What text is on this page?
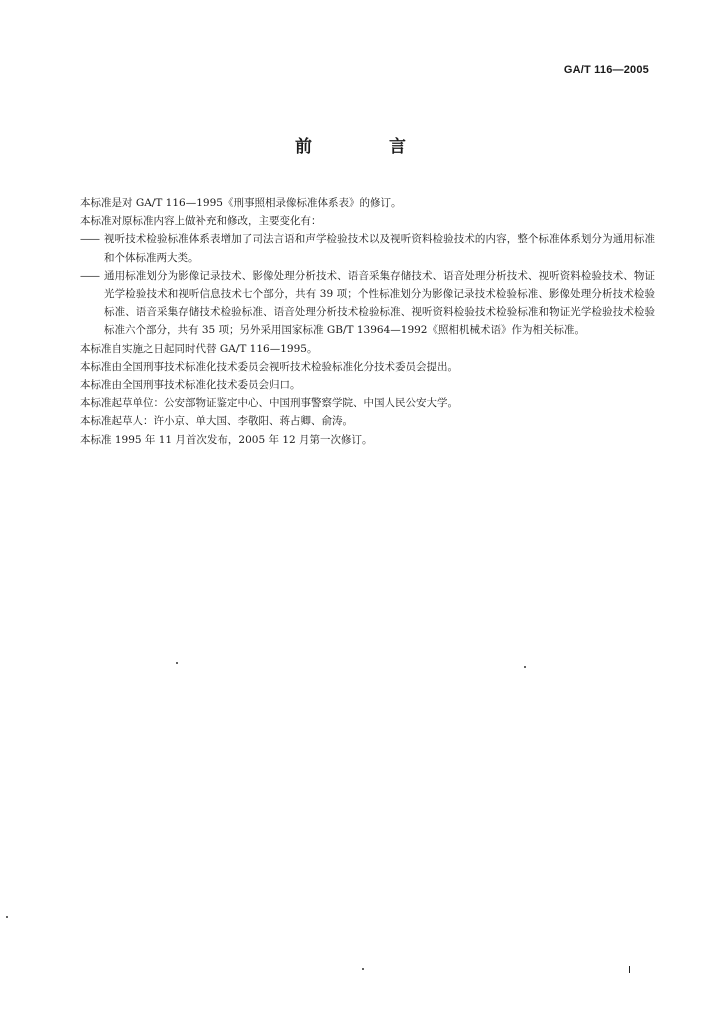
GA/T 116—2005
前　言

本标准是对 GA/T 116—1995《刑事照相录像标准体系表》的修订。

本标准对原标准内容上做补充和修改，主要变化有：

—— 视听技术检验标准体系表增加了司法言语和声学检验技术以及视听资料检验技术的内容，整个标准体系划分为通用标准和个体标准两大类。
—— 通用标准划分为影像记录技术、影像处理分析技术、语音采集存储技术、语音处理分析技术、视听资料检验技术、物证光学检验技术和视听信息技术七个部分，共有 39 项；个性标准划分为影像记录技术检验标准、影像处理分析技术检验标准、语音采集存储技术检验标准、语音处理分析技术检验标准、视听资料检验技术检验标准和物证光学检验技术检验标准六个部分，共有 35 项；另外采用国家标准 GB/T 13964—1992《照相机械术语》作为相关标准。

本标准自实施之日起同时代替 GA/T 116—1995。

本标准由全国刑事技术标准化技术委员会视听技术检验标准化分技术委员会提出。

本标准由全国刑事技术标准化技术委员会归口。

本标准起草单位：公安部物证鉴定中心、中国刑事警察学院、中国人民公安大学。

本标准起草人：许小京、单大国、李敬阳、蒋占卿、俞涛。

本标准 1995 年 11 月首次发布，2005 年 12 月第一次修订。

I
